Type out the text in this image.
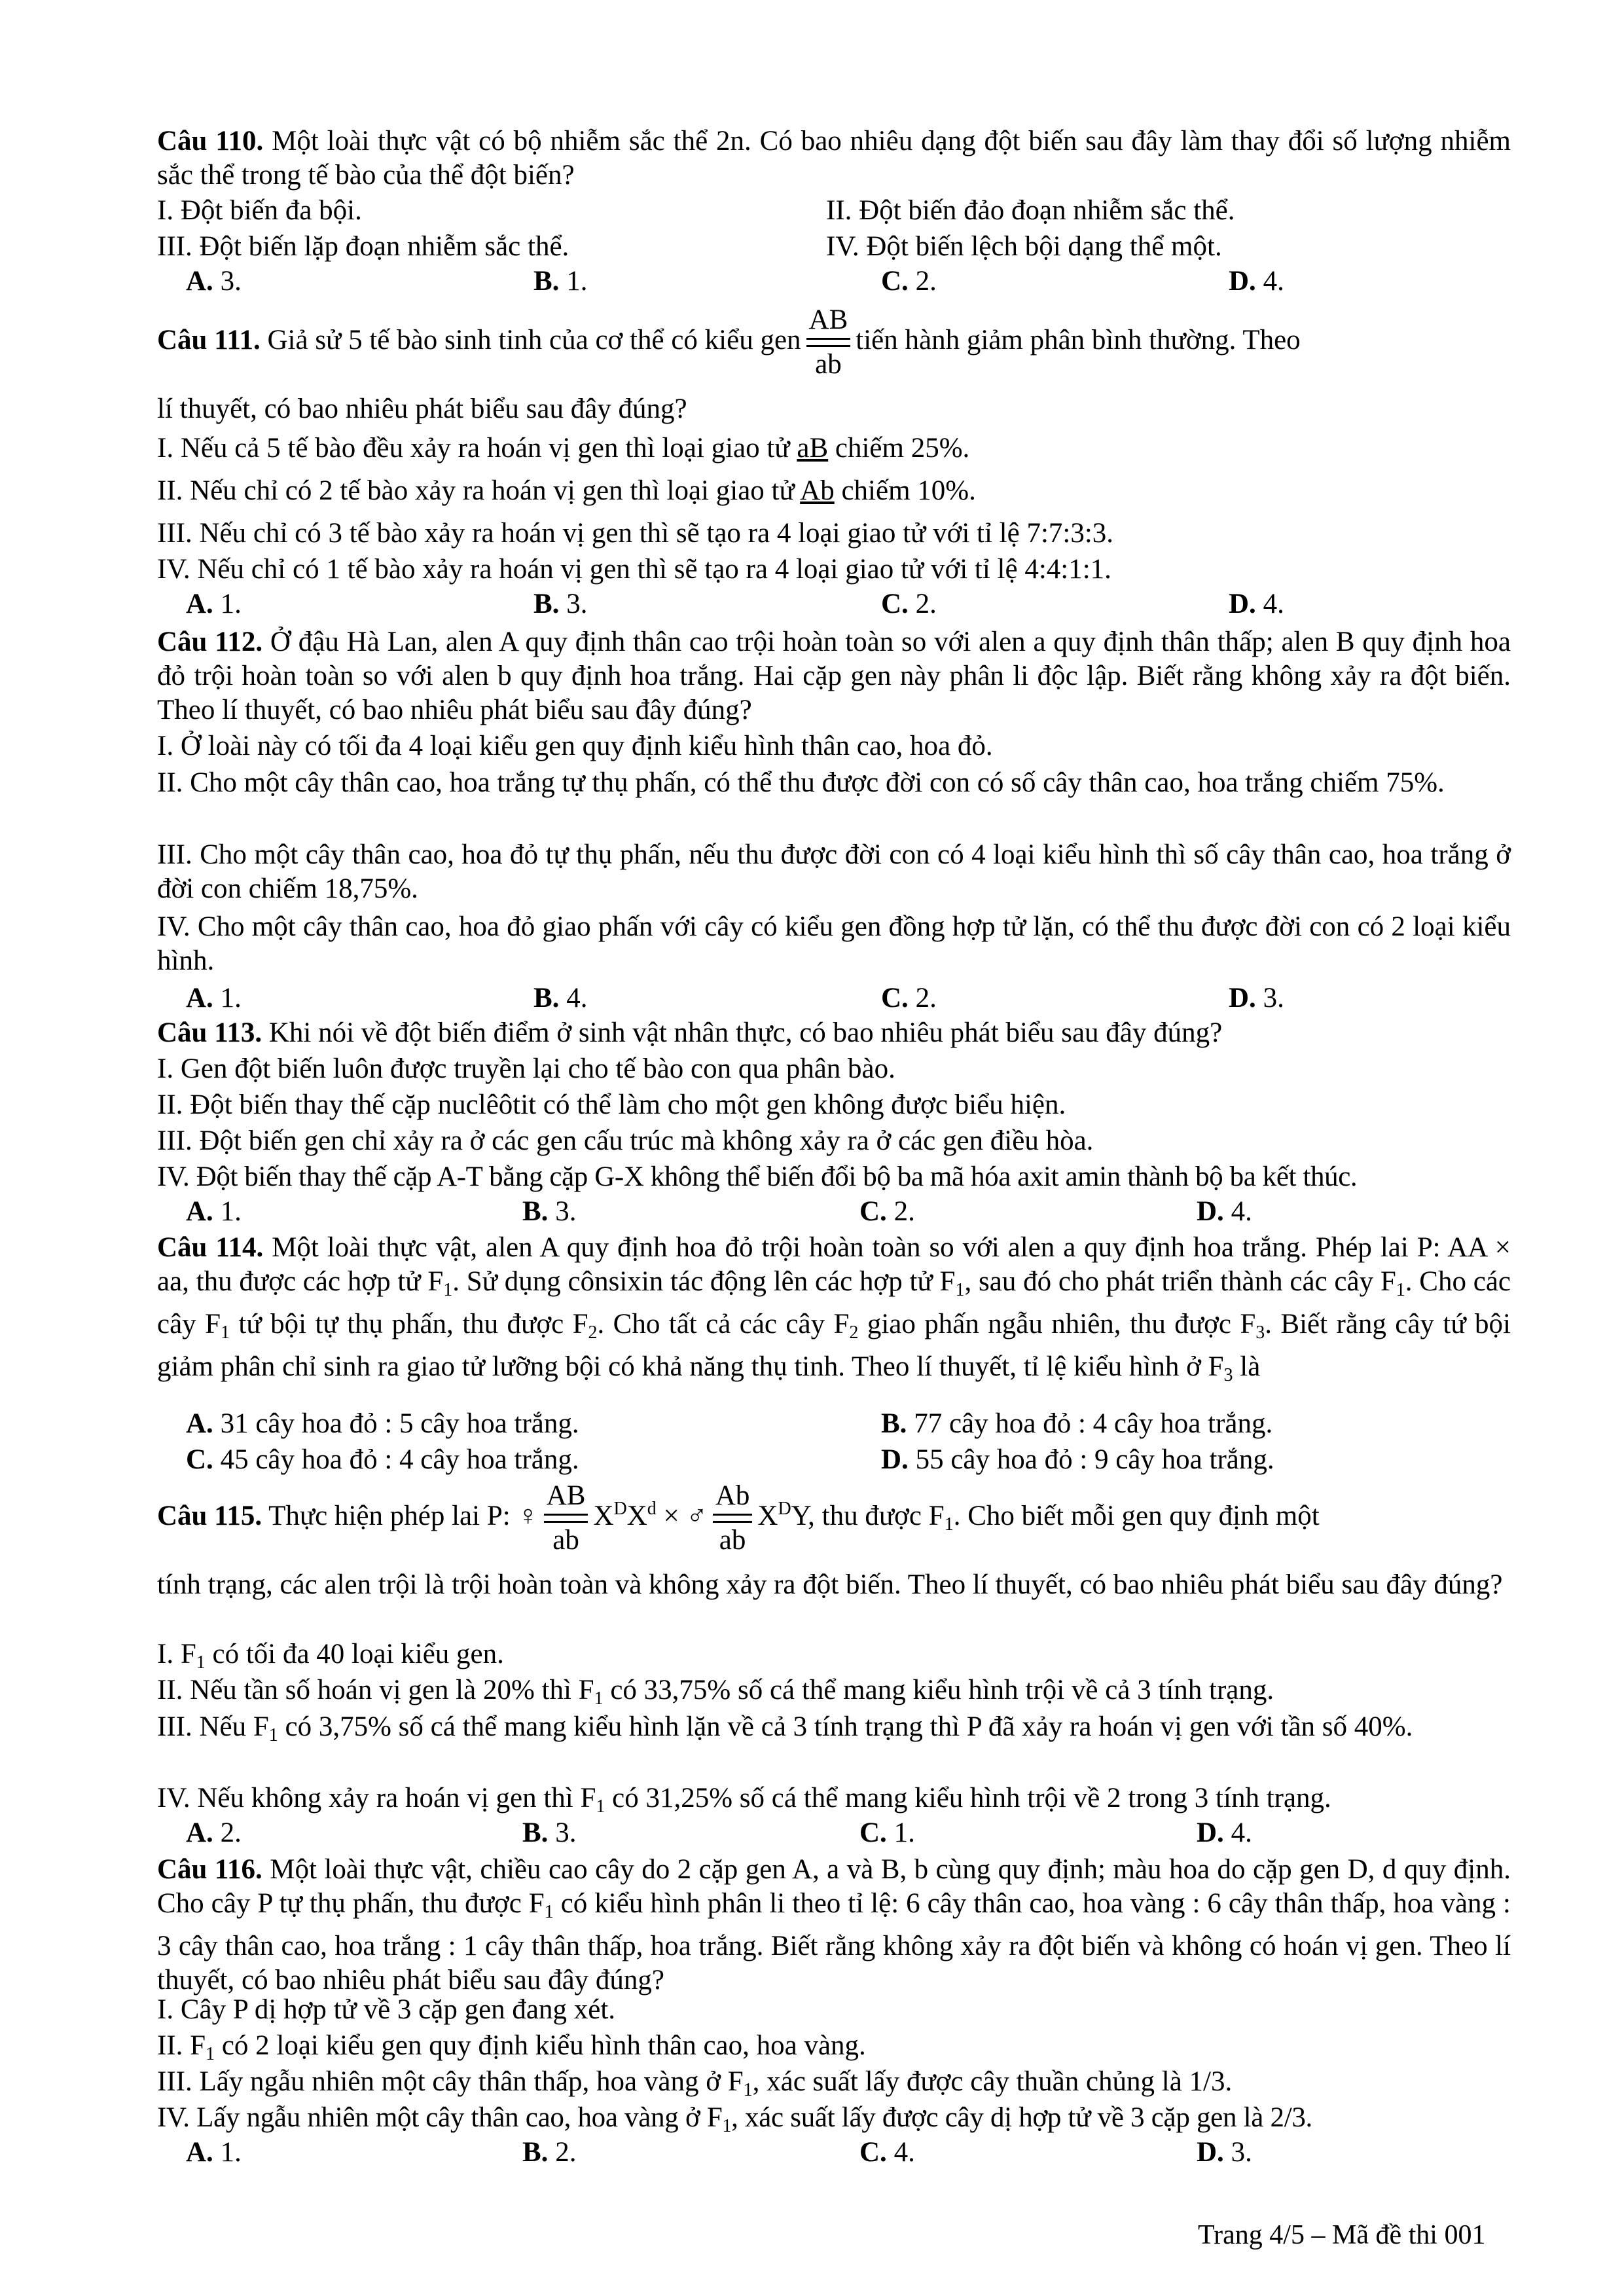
Câu 110. Một loài thực vật có bộ nhiễm sắc thể 2n. Có bao nhiêu dạng đột biến sau đây làm thay đổi số lượng nhiễm sắc thể trong tế bào của thể đột biến?
I. Đột biến đa bội.	II. Đột biến đảo đoạn nhiễm sắc thể.
III. Đột biến lặp đoạn nhiễm sắc thể.	IV. Đột biến lệch bội dạng thể một.
A. 3.	B. 1.	C. 2.	D. 4.
Câu 111. Giả sử 5 tế bào sinh tinh của cơ thể có kiểu gen
AB
ab
tiến hành giảm phân bình thường. Theo
lí thuyết, có bao nhiêu phát biểu sau đây đúng?
I. Nếu cả 5 tế bào đều xảy ra hoán vị gen thì loại giao tử aB chiếm 25%.
II. Nếu chỉ có 2 tế bào xảy ra hoán vị gen thì loại giao tử Ab chiếm 10%.
III. Nếu chỉ có 3 tế bào xảy ra hoán vị gen thì sẽ tạo ra 4 loại giao tử với tỉ lệ 7:7:3:3.
IV. Nếu chỉ có 1 tế bào xảy ra hoán vị gen thì sẽ tạo ra 4 loại giao tử với tỉ lệ 4:4:1:1.
A. 1.	B. 3.	C. 2.	D. 4.
Câu 112. Ở đậu Hà Lan, alen A quy định thân cao trội hoàn toàn so với alen a quy định thân thấp; alen B quy định hoa đỏ trội hoàn toàn so với alen b quy định hoa trắng. Hai cặp gen này phân li độc lập. Biết rằng không xảy ra đột biến. Theo lí thuyết, có bao nhiêu phát biểu sau đây đúng?
I. Ở loài này có tối đa 4 loại kiểu gen quy định kiểu hình thân cao, hoa đỏ.
II. Cho một cây thân cao, hoa trắng tự thụ phấn, có thể thu được đời con có số cây thân cao, hoa trắng chiếm 75%.
III. Cho một cây thân cao, hoa đỏ tự thụ phấn, nếu thu được đời con có 4 loại kiểu hình thì số cây thân cao, hoa trắng ở đời con chiếm 18,75%.
IV. Cho một cây thân cao, hoa đỏ giao phấn với cây có kiểu gen đồng hợp tử lặn, có thể thu được đời con có 2 loại kiểu hình.
A. 1.	B. 4.	C. 2.	D. 3.
Câu 113. Khi nói về đột biến điểm ở sinh vật nhân thực, có bao nhiêu phát biểu sau đây đúng?
I. Gen đột biến luôn được truyền lại cho tế bào con qua phân bào.
II. Đột biến thay thế cặp nuclêôtit có thể làm cho một gen không được biểu hiện.
III. Đột biến gen chỉ xảy ra ở các gen cấu trúc mà không xảy ra ở các gen điều hòa.
IV. Đột biến thay thế cặp A-T bằng cặp G-X không thể biến đổi bộ ba mã hóa axit amin thành bộ ba kết thúc.
A. 1.	B. 3.	C. 2.	D. 4.
Câu 114. Một loài thực vật, alen A quy định hoa đỏ trội hoàn toàn so với alen a quy định hoa trắng. Phép lai P: AA × aa, thu được các hợp tử $F_1$. Sử dụng cônsixin tác động lên các hợp tử $F_1$, sau đó cho phát triển thành các cây $F_1$. Cho các cây $F_1$ tứ bội tự thụ phấn, thu được $F_2$. Cho tất cả các cây $F_2$ giao phấn ngẫu nhiên, thu được $F_3$. Biết rằng cây tứ bội giảm phân chỉ sinh ra giao tử lưỡng bội có khả năng thụ tinh. Theo lí thuyết, tỉ lệ kiểu hình ở $F_3$ là
A. 31 cây hoa đỏ : 5 cây hoa trắng.	B. 77 cây hoa đỏ : 4 cây hoa trắng.
C. 45 cây hoa đỏ : 4 cây hoa trắng.	D. 55 cây hoa đỏ : 9 cây hoa trắng.
Câu 115. Thực hiện phép lai P: ♀
AB
ab
$X^DX^d$ × ♂
Ab
ab
$X^DY$, thu được $F_1$. Cho biết mỗi gen quy định một
tính trạng, các alen trội là trội hoàn toàn và không xảy ra đột biến. Theo lí thuyết, có bao nhiêu phát biểu sau đây đúng?
I. $F_1$ có tối đa 40 loại kiểu gen.
II. Nếu tần số hoán vị gen là 20% thì $F_1$ có 33,75% số cá thể mang kiểu hình trội về cả 3 tính trạng.
III. Nếu $F_1$ có 3,75% số cá thể mang kiểu hình lặn về cả 3 tính trạng thì P đã xảy ra hoán vị gen với tần số 40%.
IV. Nếu không xảy ra hoán vị gen thì $F_1$ có 31,25% số cá thể mang kiểu hình trội về 2 trong 3 tính trạng.
A. 2.	B. 3.	C. 1.	D. 4.
Câu 116. Một loài thực vật, chiều cao cây do 2 cặp gen A, a và B, b cùng quy định; màu hoa do cặp gen D, d quy định. Cho cây P tự thụ phấn, thu được $F_1$ có kiểu hình phân li theo tỉ lệ: 6 cây thân cao, hoa vàng : 6 cây thân thấp, hoa vàng : 3 cây thân cao, hoa trắng : 1 cây thân thấp, hoa trắng. Biết rằng không xảy ra đột biến và không có hoán vị gen. Theo lí thuyết, có bao nhiêu phát biểu sau đây đúng?
I. Cây P dị hợp tử về 3 cặp gen đang xét.
II. $F_1$ có 2 loại kiểu gen quy định kiểu hình thân cao, hoa vàng.
III. Lấy ngẫu nhiên một cây thân thấp, hoa vàng ở $F_1$, xác suất lấy được cây thuần chủng là 1/3.
IV. Lấy ngẫu nhiên một cây thân cao, hoa vàng ở $F_1$, xác suất lấy được cây dị hợp tử về 3 cặp gen là 2/3.
A. 1.	B. 2.	C. 4.	D. 3.
Trang 4/5 – Mã đề thi 001
